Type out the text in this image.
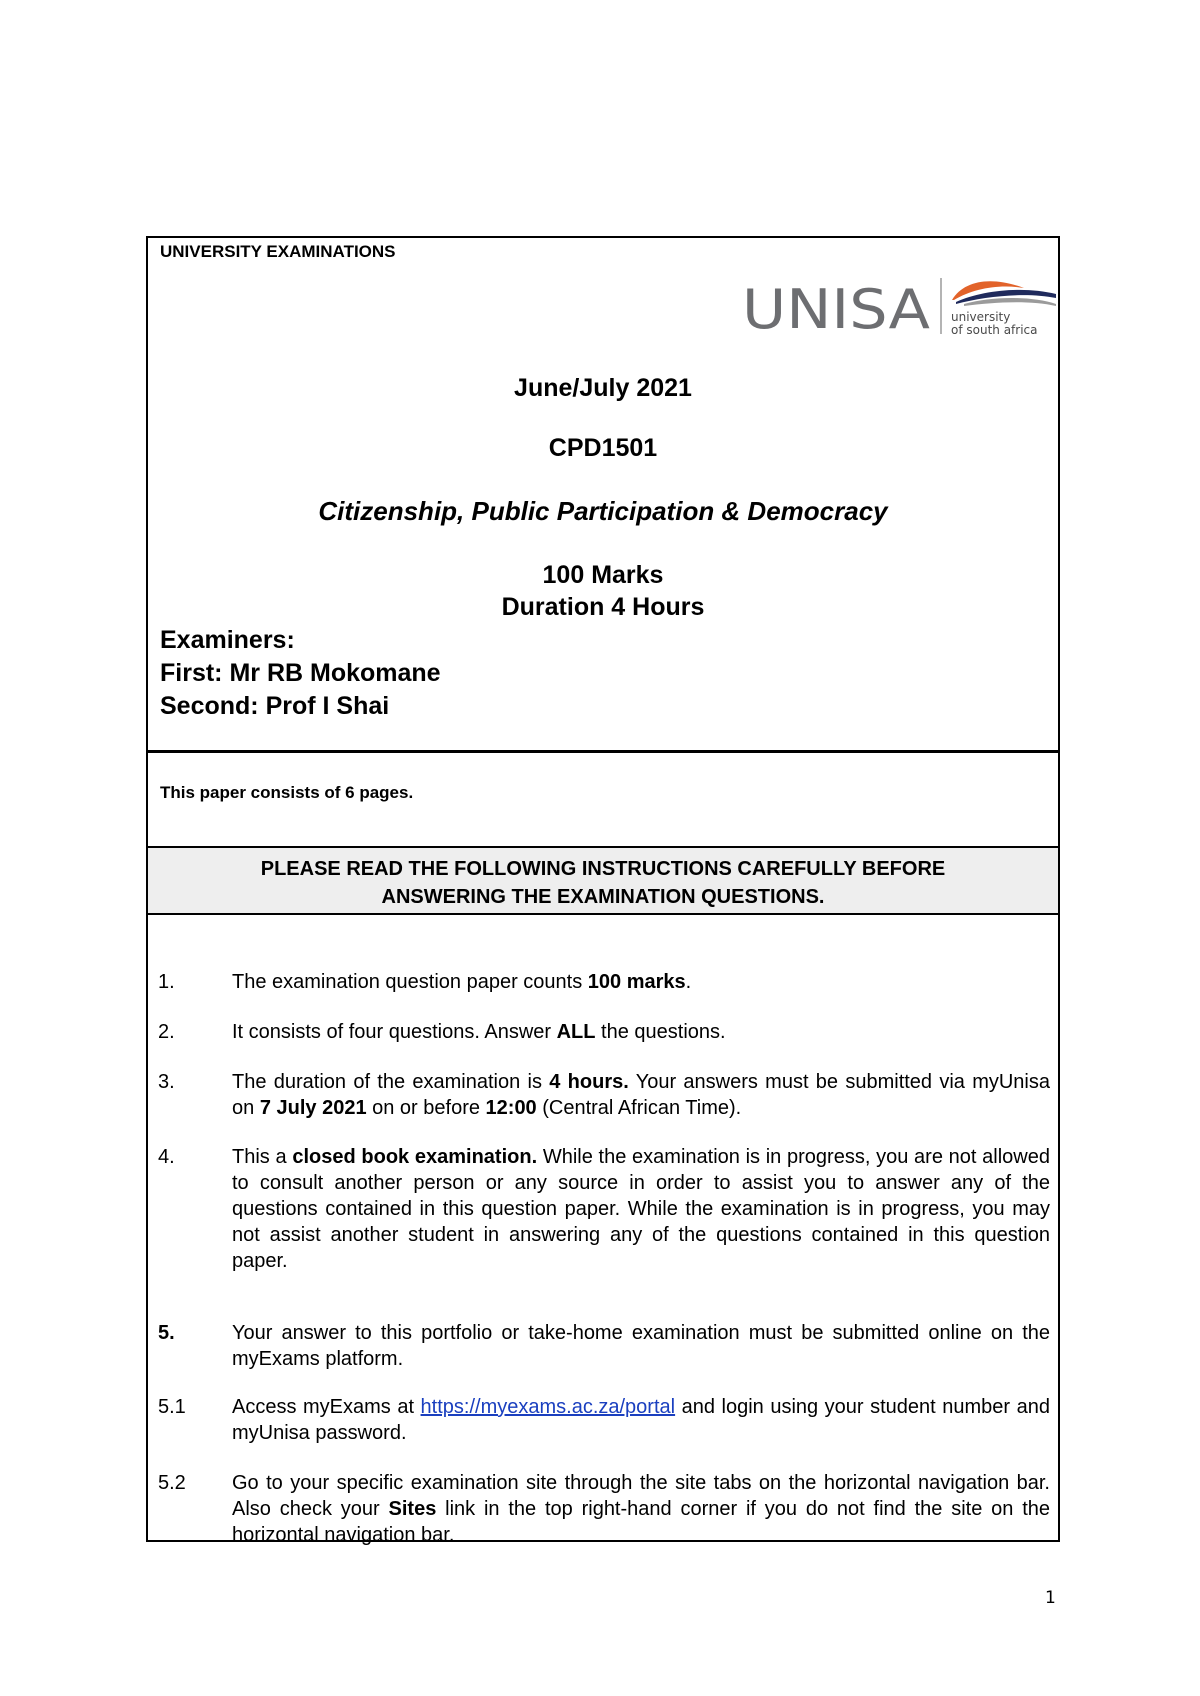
UNIVERSITY EXAMINATIONS
UNISA university
of south africa
June/July 2021
CPD1501
Citizenship, Public Participation & Democracy
100 Marks
Duration 4 Hours
Examiners:
First: Mr RB Mokomane
Second: Prof I Shai
This paper consists of 6 pages.
PLEASE READ THE FOLLOWING INSTRUCTIONS CAREFULLY BEFORE
ANSWERING THE EXAMINATION QUESTIONS.
1.	The examination question paper counts 100 marks.
2.	It consists of four questions. Answer ALL the questions.
3.	The duration of the examination is 4 hours. Your answers must be submitted via myUnisa on 7 July 2021 on or before 12:00 (Central African Time).
4.	This a closed book examination. While the examination is in progress, you are not allowed to consult another person or any source in order to assist you to answer any of the questions contained in this question paper. While the examination is in progress, you may not assist another student in answering any of the questions contained in this question paper.
5.	Your answer to this portfolio or take-home examination must be submitted online on the myExams platform.
5.1 Access myExams at https://myexams.ac.za/portal and login using your student number and myUnisa password.
5.2 Go to your specific examination site through the site tabs on the horizontal navigation bar. Also check your Sites link in the top right-hand corner if you do not find the site on the horizontal navigation bar.
1
